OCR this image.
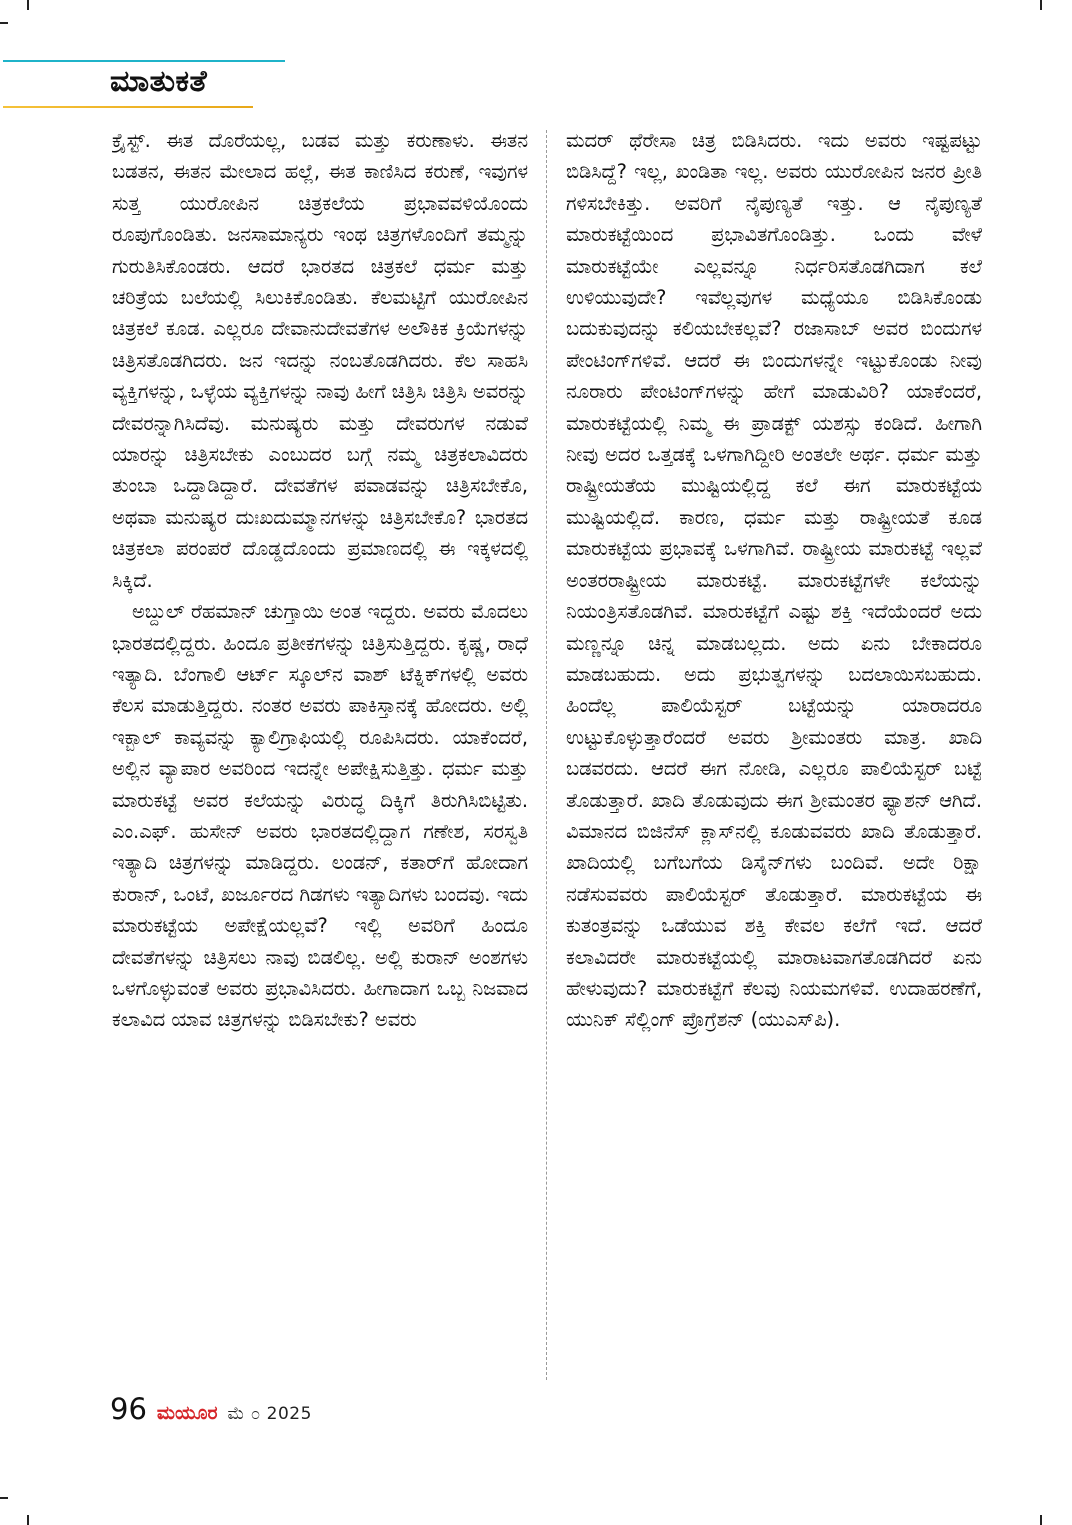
ಮಾತುಕತೆ

ಕ್ರೈಸ್ಟ್. ಈತ ದೊರೆಯಲ್ಲ, ಬಡವ ಮತ್ತು ಕರುಣಾಳು. ಈತನ ಬಡತನ, ಈತನ ಮೇಲಾದ ಹಲ್ಲೆ, ಈತ ಕಾಣಿಸಿದ ಕರುಣೆ, ಇವುಗಳ ಸುತ್ತ ಯುರೋಪಿನ ಚಿತ್ರಕಲೆಯ ಪ್ರಭಾವವಳಿಯೊಂದು ರೂಪುಗೊಂಡಿತು. ಜನಸಾಮಾನ್ಯರು ಇಂಥ ಚಿತ್ರಗಳೊಂದಿಗೆ ತಮ್ಮನ್ನು ಗುರುತಿಸಿಕೊಂಡರು. ಆದರೆ ಭಾರತದ ಚಿತ್ರಕಲೆ ಧರ್ಮ ಮತ್ತು ಚರಿತ್ರೆಯ ಬಲೆಯಲ್ಲಿ ಸಿಲುಕಿಕೊಂಡಿತು. ಕೆಲಮಟ್ಟಿಗೆ ಯುರೋಪಿನ ಚಿತ್ರಕಲೆ ಕೂಡ. ಎಲ್ಲರೂ ದೇವಾನುದೇವತೆಗಳ ಅಲೌಕಿಕ ಕ್ರಿಯೆಗಳನ್ನು ಚಿತ್ರಿಸತೊಡಗಿದರು. ಜನ ಇದನ್ನು ನಂಬತೊಡಗಿದರು. ಕೆಲ ಸಾಹಸಿ ವ್ಯಕ್ತಿಗಳನ್ನು, ಒಳ್ಳೆಯ ವ್ಯಕ್ತಿಗಳನ್ನು ನಾವು ಹೀಗೆ ಚಿತ್ರಿಸಿ ಚಿತ್ರಿಸಿ ಅವರನ್ನು ದೇವರನ್ನಾಗಿಸಿದೆವು. ಮನುಷ್ಯರು ಮತ್ತು ದೇವರುಗಳ ನಡುವೆ ಯಾರನ್ನು ಚಿತ್ರಿಸಬೇಕು ಎಂಬುದರ ಬಗ್ಗೆ ನಮ್ಮ ಚಿತ್ರಕಲಾವಿದರು ತುಂಬಾ ಒದ್ದಾಡಿದ್ದಾರೆ. ದೇವತೆಗಳ ಪವಾಡವನ್ನು ಚಿತ್ರಿಸಬೇಕೊ, ಅಥವಾ ಮನುಷ್ಯರ ದುಃಖದುಮ್ಮಾನಗಳನ್ನು ಚಿತ್ರಿಸಬೇಕೊ? ಭಾರತದ ಚಿತ್ರಕಲಾ ಪರಂಪರೆ ದೊಡ್ಡದೊಂದು ಪ್ರಮಾಣದಲ್ಲಿ ಈ ಇಕ್ಕಳದಲ್ಲಿ ಸಿಕ್ಕಿದೆ.

ಅಬ್ದುಲ್ ರೆಹಮಾನ್ ಚುಗ್ತಾಯಿ ಅಂತ ಇದ್ದರು. ಅವರು ಮೊದಲು ಭಾರತದಲ್ಲಿದ್ದರು. ಹಿಂದೂ ಪ್ರತೀಕಗಳನ್ನು ಚಿತ್ರಿಸುತ್ತಿದ್ದರು. ಕೃಷ್ಣ, ರಾಧೆ ಇತ್ಯಾದಿ. ಬೆಂಗಾಲಿ ಆರ್ಟ್ ಸ್ಕೂಲ್‌ನ ವಾಶ್ ಟೆಕ್ನಿಕ್‌ಗಳಲ್ಲಿ ಅವರು ಕೆಲಸ ಮಾಡುತ್ತಿದ್ದರು. ನಂತರ ಅವರು ಪಾಕಿಸ್ತಾನಕ್ಕೆ ಹೋದರು. ಅಲ್ಲಿ ಇಕ್ಬಾಲ್ ಕಾವ್ಯವನ್ನು ಕ್ಯಾಲಿಗ್ರಾಫಿಯಲ್ಲಿ ರೂಪಿಸಿದರು. ಯಾಕೆಂದರೆ, ಅಲ್ಲಿನ ವ್ಯಾಪಾರ ಅವರಿಂದ ಇದನ್ನೇ ಅಪೇಕ್ಷಿಸುತ್ತಿತ್ತು. ಧರ್ಮ ಮತ್ತು ಮಾರುಕಟ್ಟೆ ಅವರ ಕಲೆಯನ್ನು ವಿರುದ್ಧ ದಿಕ್ಕಿಗೆ ತಿರುಗಿಸಿಬಿಟ್ಟಿತು. ಎಂ.ಎಫ್. ಹುಸೇನ್ ಅವರು ಭಾರತದಲ್ಲಿದ್ದಾಗ ಗಣೇಶ, ಸರಸ್ವತಿ ಇತ್ಯಾದಿ ಚಿತ್ರಗಳನ್ನು ಮಾಡಿದ್ದರು. ಲಂಡನ್, ಕತಾರ್‌ಗೆ ಹೋದಾಗ ಕುರಾನ್, ಒಂಟೆ, ಖರ್ಜೂರದ ಗಿಡಗಳು ಇತ್ಯಾದಿಗಳು ಬಂದವು. ಇದು ಮಾರುಕಟ್ಟೆಯ ಅಪೇಕ್ಷೆಯಲ್ಲವೆ? ಇಲ್ಲಿ ಅವರಿಗೆ ಹಿಂದೂ ದೇವತೆಗಳನ್ನು ಚಿತ್ರಿಸಲು ನಾವು ಬಿಡಲಿಲ್ಲ. ಅಲ್ಲಿ ಕುರಾನ್ ಅಂಶಗಳು ಒಳಗೊಳ್ಳುವಂತೆ ಅವರು ಪ್ರಭಾವಿಸಿದರು. ಹೀಗಾದಾಗ ಒಬ್ಬ ನಿಜವಾದ ಕಲಾವಿದ ಯಾವ ಚಿತ್ರಗಳನ್ನು ಬಿಡಿಸಬೇಕು? ಅವರು

ಮದರ್ ಥೆರೇಸಾ ಚಿತ್ರ ಬಿಡಿಸಿದರು. ಇದು ಅವರು ಇಷ್ಟಪಟ್ಟು ಬಿಡಿಸಿದ್ದೆ? ಇಲ್ಲ, ಖಂಡಿತಾ ಇಲ್ಲ. ಅವರು ಯುರೋಪಿನ ಜನರ ಪ್ರೀತಿ ಗಳಿಸಬೇಕಿತ್ತು. ಅವರಿಗೆ ನೈಪುಣ್ಯತೆ ಇತ್ತು. ಆ ನೈಪುಣ್ಯತೆ ಮಾರುಕಟ್ಟೆಯಿಂದ ಪ್ರಭಾವಿತಗೊಂಡಿತ್ತು. ಒಂದು ವೇಳೆ ಮಾರುಕಟ್ಟೆಯೇ ಎಲ್ಲವನ್ನೂ ನಿರ್ಧರಿಸತೊಡಗಿದಾಗ ಕಲೆ ಉಳಿಯುವುದೇ? ಇವೆಲ್ಲವುಗಳ ಮಧ್ಯೆಯೂ ಬಿಡಿಸಿಕೊಂಡು ಬದುಕುವುದನ್ನು ಕಲಿಯಬೇಕಲ್ಲವೆ? ರಜಾಸಾಬ್ ಅವರ ಬಿಂದುಗಳ ಪೇಂಟಿಂಗ್‌ಗಳಿವೆ. ಆದರೆ ಈ ಬಿಂದುಗಳನ್ನೇ ಇಟ್ಟುಕೊಂಡು ನೀವು ನೂರಾರು ಪೇಂಟಿಂಗ್‌ಗಳನ್ನು ಹೇಗೆ ಮಾಡುವಿರಿ? ಯಾಕೆಂದರೆ, ಮಾರುಕಟ್ಟೆಯಲ್ಲಿ ನಿಮ್ಮ ಈ ಪ್ರಾಡಕ್ಟ್ ಯಶಸ್ಸು ಕಂಡಿದೆ. ಹೀಗಾಗಿ ನೀವು ಅದರ ಒತ್ತಡಕ್ಕೆ ಒಳಗಾಗಿದ್ದೀರಿ ಅಂತಲೇ ಅರ್ಥ. ಧರ್ಮ ಮತ್ತು ರಾಷ್ಟ್ರೀಯತೆಯ ಮುಷ್ಟಿಯಲ್ಲಿದ್ದ ಕಲೆ ಈಗ ಮಾರುಕಟ್ಟೆಯ ಮುಷ್ಟಿಯಲ್ಲಿದೆ. ಕಾರಣ, ಧರ್ಮ ಮತ್ತು ರಾಷ್ಟ್ರೀಯತೆ ಕೂಡ ಮಾರುಕಟ್ಟೆಯ ಪ್ರಭಾವಕ್ಕೆ ಒಳಗಾಗಿವೆ. ರಾಷ್ಟ್ರೀಯ ಮಾರುಕಟ್ಟೆ ಇಲ್ಲವೆ ಅಂತರರಾಷ್ಟ್ರೀಯ ಮಾರುಕಟ್ಟೆ. ಮಾರುಕಟ್ಟೆಗಳೇ ಕಲೆಯನ್ನು ನಿಯಂತ್ರಿಸತೊಡಗಿವೆ. ಮಾರುಕಟ್ಟೆಗೆ ಎಷ್ಟು ಶಕ್ತಿ ಇದೆಯೆಂದರೆ ಅದು ಮಣ್ಣನ್ನೂ ಚಿನ್ನ ಮಾಡಬಲ್ಲದು. ಅದು ಏನು ಬೇಕಾದರೂ ಮಾಡಬಹುದು. ಅದು ಪ್ರಭುತ್ವಗಳನ್ನು ಬದಲಾಯಿಸಬಹುದು. ಹಿಂದೆಲ್ಲ ಪಾಲಿಯೆಸ್ಟರ್ ಬಟ್ಟೆಯನ್ನು ಯಾರಾದರೂ ಉಟ್ಟುಕೊಳ್ಳುತ್ತಾರೆಂದರೆ ಅವರು ಶ್ರೀಮಂತರು ಮಾತ್ರ. ಖಾದಿ ಬಡವರದು. ಆದರೆ ಈಗ ನೋಡಿ, ಎಲ್ಲರೂ ಪಾಲಿಯೆಸ್ಟರ್ ಬಟ್ಟೆ ತೊಡುತ್ತಾರೆ. ಖಾದಿ ತೊಡುವುದು ಈಗ ಶ್ರೀಮಂತರ ಫ್ಯಾಶನ್ ಆಗಿದೆ. ವಿಮಾನದ ಬಿಜಿನೆಸ್ ಕ್ಲಾಸ್‌ನಲ್ಲಿ ಕೂಡುವವರು ಖಾದಿ ತೊಡುತ್ತಾರೆ. ಖಾದಿಯಲ್ಲಿ ಬಗೆಬಗೆಯ ಡಿಸೈನ್‌ಗಳು ಬಂದಿವೆ. ಅದೇ ರಿಕ್ಷಾ ನಡೆಸುವವರು ಪಾಲಿಯೆಸ್ಟರ್ ತೊಡುತ್ತಾರೆ. ಮಾರುಕಟ್ಟೆಯ ಈ ಕುತಂತ್ರವನ್ನು ಒಡೆಯುವ ಶಕ್ತಿ ಕೇವಲ ಕಲೆಗೆ ಇದೆ. ಆದರೆ ಕಲಾವಿದರೇ ಮಾರುಕಟ್ಟೆಯಲ್ಲಿ ಮಾರಾಟವಾಗತೊಡಗಿದರೆ ಏನು ಹೇಳುವುದು? ಮಾರುಕಟ್ಟೆಗೆ ಕೆಲವು ನಿಯಮಗಳಿವೆ. ಉದಾಹರಣೆಗೆ, ಯುನಿಕ್ ಸೆಲ್ಲಿಂಗ್ ಪ್ರೊಗ್ರೆಶನ್ (ಯುಎಸ್‌ಪಿ).

96 ಮಯೂರ ಮೆ ೦ 2025
